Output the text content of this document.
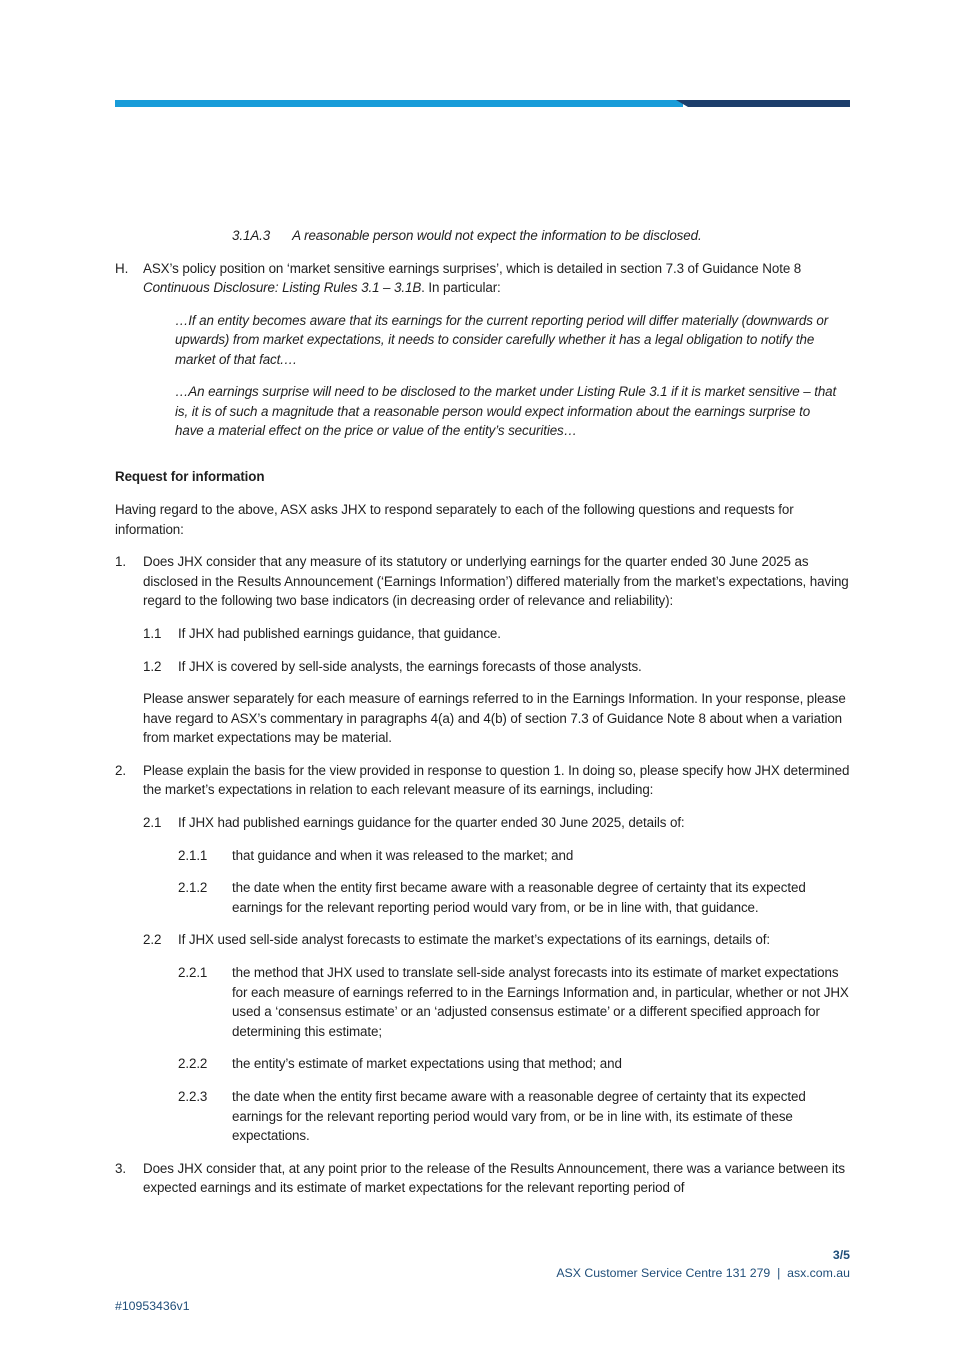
3.1A.3 A reasonable person would not expect the information to be disclosed.

H.	ASX’s policy position on ‘market sensitive earnings surprises’, which is detailed in section 7.3 of Guidance Note 8 Continuous Disclosure: Listing Rules 3.1 – 3.1B. In particular:

…If an entity becomes aware that its earnings for the current reporting period will differ materially (downwards or upwards) from market expectations, it needs to consider carefully whether it has a legal obligation to notify the market of that fact.…

…An earnings surprise will need to be disclosed to the market under Listing Rule 3.1 if it is market sensitive – that is, it is of such a magnitude that a reasonable person would expect information about the earnings surprise to have a material effect on the price or value of the entity’s securities…

Request for information

Having regard to the above, ASX asks JHX to respond separately to each of the following questions and requests for information:

1.	Does JHX consider that any measure of its statutory or underlying earnings for the quarter ended 30 June 2025 as disclosed in the Results Announcement (‘Earnings Information’) differed materially from the market’s expectations, having regard to the following two base indicators (in decreasing order of relevance and reliability):
1.1	If JHX had published earnings guidance, that guidance.
1.2	If JHX is covered by sell-side analysts, the earnings forecasts of those analysts.

Please answer separately for each measure of earnings referred to in the Earnings Information. In your response, please have regard to ASX’s commentary in paragraphs 4(a) and 4(b) of section 7.3 of Guidance Note 8 about when a variation from market expectations may be material.

2.	Please explain the basis for the view provided in response to question 1. In doing so, please specify how JHX determined the market’s expectations in relation to each relevant measure of its earnings, including:
2.1	If JHX had published earnings guidance for the quarter ended 30 June 2025, details of:
2.1.1	that guidance and when it was released to the market; and
2.1.2	the date when the entity first became aware with a reasonable degree of certainty that its expected earnings for the relevant reporting period would vary from, or be in line with, that guidance.
2.2	If JHX used sell-side analyst forecasts to estimate the market’s expectations of its earnings, details of:
2.2.1	the method that JHX used to translate sell-side analyst forecasts into its estimate of market expectations for each measure of earnings referred to in the Earnings Information and, in particular, whether or not JHX used a ‘consensus estimate’ or an ‘adjusted consensus estimate’ or a different specified approach for determining this estimate;
2.2.2	the entity’s estimate of market expectations using that method; and
2.2.3	the date when the entity first became aware with a reasonable degree of certainty that its expected earnings for the relevant reporting period would vary from, or be in line with, its estimate of these expectations.
3.	Does JHX consider that, at any point prior to the release of the Results Announcement, there was a variance between its expected earnings and its estimate of market expectations for the relevant reporting period of
3/5
ASX Customer Service Centre 131 279  |  asx.com.au
#10953436v1
